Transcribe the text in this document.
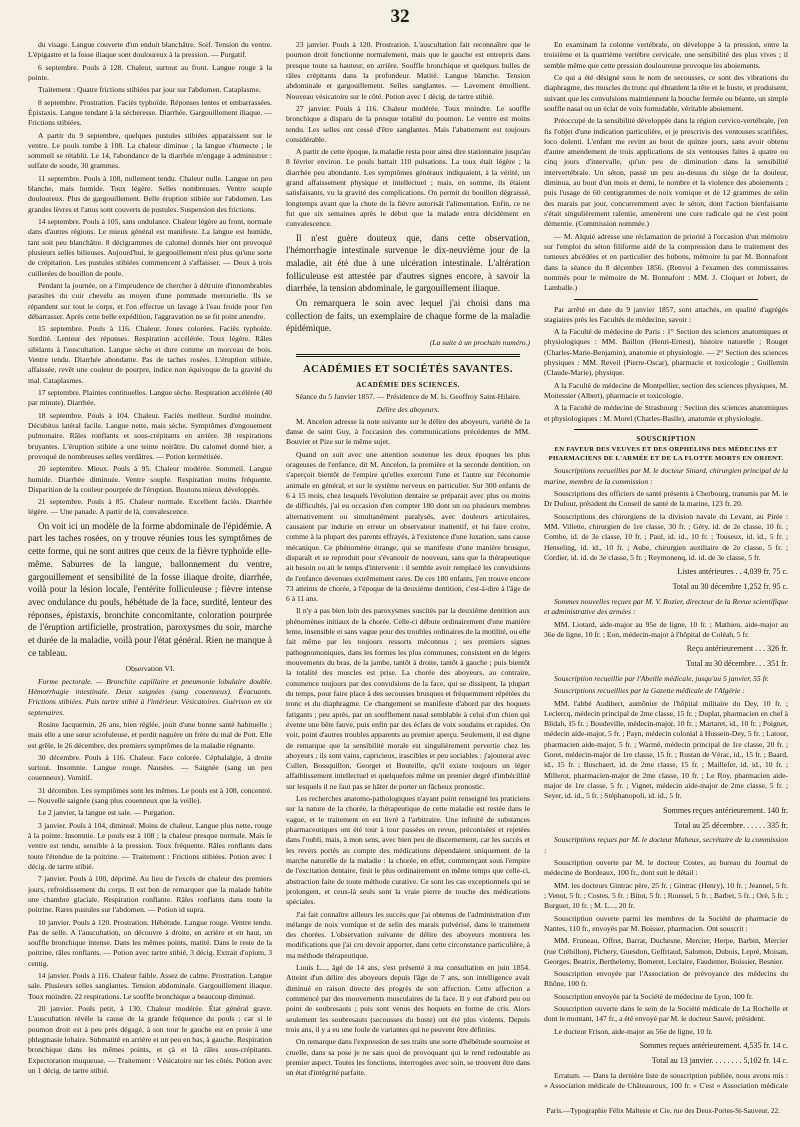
32

du visage. Langue couverte d'un enduit blanchâtre. Soif. Tension du ventre. L'épigastre et la fosse iliaque sont douloureux à la pression. — Purgatif.

6 septembre. Pouls à 128. Chaleur, surtout au front. Langue rouge à la pointe.

Traitement : Quatre frictions stibiées par jour sur l'abdomen. Cataplasme.

8 septembre. Prostration. Faciès typhoïde. Réponses lentes et embarrassées. Épistaxis. Langue tendant à la sécheresse. Diarrhée. Gargouillement iliaque. — Frictions stibiées.

A partir du 9 septembre, quelques pustules stibiées apparaissent sur le ventre. Le pouls tombe à 108. La chaleur diminue ; la langue s'humecte ; le sommeil se rétablit. Le 14, l'abondance de la diarrhée m'engage à administrer : sulfate de soude, 30 grammes.

11 septembre. Pouls à 108, nullement tendu. Chaleur nulle. Langue un peu blanche, mais humide. Toux légère. Selles nombreuses. Ventre souple douloureux. Plus de gargouillement. Belle éruption stibiée sur l'abdomen. Les grandes lèvres et l'anus sont couverts de pustules. Suspension des frictions.

14 septembre. Pouls à 105, sans ondulance. Chaleur légère au front, normale dans d'autres régions. Le mieux général est manifeste. La langue est humide, tant soit peu blanchâtre. 8 décigrammes de calomel donnés hier ont provoqué plusieurs selles bilieuses. Aujourd'hui, le gargouillement n'est plus qu'une sorte de crépitation. Les pustules stibiées commencent à s'affaisser. — Deux à trois cuillerées de bouillon de poule.

Pendant la journée, on a l'imprudence de chercher à détruire d'innombrables parasites du cuir chevelu au moyen d'une pommade mercurielle. Ils se répandent sur tout le corps, et l'on effectue un lavage à l'eau froide pour l'en débarrasser. Après cette belle expédition, l'aggravation ne se fit point attendre.

15 septembre. Pouls à 116. Chaleur. Joues colorées. Faciès typhoïde. Surdité. Lenteur des réponses. Respiration accélérée. Toux légère. Râles sibilants à l'auscultation. Langue sèche et dure comme un morceau de bois. Ventre tendu. Diarrhée abondante. Pas de taches rosées. L'éruption stibiée, affaissée, revêt une couleur de pourpre, indice non équivoque de la gravité du mal. Cataplasmes.

17 septembre. Plaintes continuelles. Langue sèche. Respiration accélérée (40 par minute). Diarrhée.

18 septembre. Pouls à 104. Chaleur. Faciès meilleur. Surdité moindre. Décubitus latéral facile. Langue nette, mais sèche. Symptômes d'engouement pulmonaire. Râles ronflants et sous-crépitants en arrière. 38 respirations bruyantes. L'éruption stibiée a une teinte noirâtre. Du calomel donné hier, a provoqué de nombreuses selles verdâtres. — Potion kermétisée.

20 septembre. Mieux. Pouls à 95. Chaleur modérée. Sommeil. Langue humide. Diarrhée diminuée. Ventre souple. Respiration moins fréquente. Disparition de la couleur pourprée de l'éruption. Boutons mieux développés.

21 septembre. Pouls à 85. Chaleur normale. Excellent faciès. Diarrhée légère. — Une panade. A partir de là, convalescence.

On voit ici un modèle de la forme abdominale de l'épidémie. A part les taches rosées, on y trouve réunies tous les symptômes de cette forme, qui ne sont autres que ceux de la fièvre typhoïde elle-même. Saburres de la langue, ballonnement du ventre, gargouillement et sensibilité de la fosse iliaque droite, diarrhée, voilà pour la lésion locale, l'entérite folliculeuse ; fièvre intense avec ondulance du pouls, hébétude de la face, surdité, lenteur des réponses, épistaxis, bronchite concomitante, coloration pourprée de l'éruption artificielle, prostration, paroxysmes du soir, marche et durée de la maladie, voilà pour l'état général. Rien ne manque à ce tableau.

Observation VI.

Forme pectorale. — Bronchite capillaire et pneumonie lobulaire double. Hémorrhagie intestinale. Deux saignées (sang couenneux). Évacuants. Frictions stibiées. Puis tartre stibié à l'intérieur. Vésicatoires. Guérison en six septenaires.

Rosine Jacquemin, 26 ans, bien réglée, jouit d'une bonne santé habituelle ; mais elle a une sœur scrofuleuse, et perdit naguère un frère du mal de Pott. Elle est grêle, le 26 décembre, des premiers symptômes de la maladie régnante.

30 décembre. Pouls à 116. Chaleur. Face colorée. Céphalalgie, à droite surtout. Insomnie. Langue rouge. Nausées. — Saignée (sang un peu couenneux). Vomitif.

31 décembre. Les symptômes sont les mêmes. Le pouls est à 108, concentré. — Nouvelle saignée (sang plus couenneux que la veille).

Le 2 janvier, la langue est sale. — Purgation.

3 janvier. Pouls à 104, diminué. Moins de chaleur. Langue plus nette, rouge à la pointe. Insomnie. Le pouls est à 108 ; la chaleur presque normale. Mais le ventre est tendu, sensible à la pression. Toux fréquente. Râles ronflants dans toute l'étendue de la poitrine. — Traitement : Frictions stibiées. Potion avec 1 décig. de tartre stibié.

7 janvier. Pouls à 100, déprimé. Au lieu de l'excès de chaleur des premiers jours, refroidissement du corps. Il est bon de remarquer que la malade habite une chambre glaciale. Respiration ronflante. Râles ronflants dans toute la poitrine. Rares pustules sur l'abdomen. — Potion id supra.

10 janvier. Pouls à 120. Prostration. Hébétude. Langue rouge. Ventre tendu. Pas de selle. A l'auscultation, on découvre à droite, en arrière et en haut, un souffle bronchique intense. Dans les mêmes points, matité. Dans le reste de la poitrine, râles ronflants. — Potion avec tartre stibié, 3 décig. Extrait d'opium, 3 centig.

14 janvier. Pouls à 116. Chaleur faible. Assez de calme. Prostration. Langue sale. Plusieurs selles sanglantes. Tension abdominale. Gargouillement iliaque. Toux moindre. 22 respirations. Le souffle bronchique a beaucoup diminué.

20 janvier. Pouls petit, à 130. Chaleur modérée. État général grave. L'auscultation révèle la cause de la grande fréquence du pouls ; car si le poumon droit est à peu près dégagé, à son tour le gauche est en proie à une phlegmasie lobaire. Submatité en arrière et un peu en bas, à gauche. Respiration bronchique dans les mêmes points, et çà et là râles sous-crépitants. Expectoration muqueuse. — Traitement : Vésicatoire sur les côtés. Potion avec un 1 décig. de tartre stibié.

23 janvier. Pouls à 120. Prostration. L'auscultation fait reconnaître que le poumon droit fonctionne normalement, mais que le gauche est entrepris dans presque toute sa hauteur, en arrière. Souffle bronchique et quelques bulles de râles crépitants dans la profondeur. Matité. Langue blanche. Tension abdominale et gargouillement. Selles sanglantes. — Lavement émollient. Nouveau vésicatoire sur le côté. Potion avec 1 décig. de tartre stibié.

27 janvier. Pouls à 116. Chaleur modérée. Toux moindre. Le souffle bronchique a disparu de la presque totalité du poumon. Le ventre est moins tendu. Les selles ont cessé d'être sanglantes. Mais l'abattement est toujours considérable.

A partir de cette époque, la maladie resta pour ainsi dire stationnaire jusqu'au 8 février environ. Le pouls battait 110 pulsations. La toux était légère ; la diarrhée peu abondante. Les symptômes généraux indiquaient, à la vérité, un grand affaissement physique et intellectuel ; mais, en somme, ils étaient satisfaisants, vu la gravité des complications. On permit du bouillon dégraissé, longtemps avant que la chute de la fièvre autorisât l'alimentation. Enfin, ce ne fut que six semaines après le début que la malade entra décidément en convalescence.

Il n'est guère douteux que, dans cette observation, l'hémorrhagie intestinale survenue le dix-neuvième jour de la maladie, ait été due à une ulcération intestinale. L'altération folliculeuse est attestée par d'autres signes encore, à savoir la diarrhée, la tension abdominale, le gargouillement iliaque.

On remarquera le soin avec lequel j'ai choisi dans ma collection de faits, un exemplaire de chaque forme de la maladie épidémique.

(La suite à un prochain numéro.)
ACADÉMIES ET SOCIÉTÉS SAVANTES.
ACADÉMIE DES SCIENCES.
Séance du 5 Janvier 1857. — Présidence de M. Is. Geoffroy Saint-Hilaire.
Délire des aboyeurs.

M. Ancelon adresse la note suivante sur le délire des aboyeurs, variété de la danse de saint Guy, à l'occasion des communications précédentes de MM. Bouvier et Pize sur le même sujet.

Quand on suit avec une attention soutenue les deux époques les plus orageuses de l'enfance, dit M. Ancelon, la première et la seconde dentition, on s'aperçoit bientôt de l'empire qu'elles exercent l'une et l'autre sur l'économie animale en général, et sur le système nerveux en particulier. Sur 300 enfants de 6 à 15 mois, chez lesquels l'évolution dentaire se préparait avec plus ou moins de difficultés, j'ai eu occasion d'en compter 180 dont un ou plusieurs membres alternativement ou simultanément paralysés, avec douleurs articulaires, causaient par indurie en erreur un observateur inattentif, et lui faire croire, comme à la plupart des parents effrayés, à l'existence d'une luxation, sans cause mécanique. Ce phénomène étrange, qui se manifeste d'une manière brusque, disparaît et se reproduit pour s'évanouir de nouveau, sans que la thérapeutique ait besoin ou ait le temps d'intervenir : il semble avoir remplacé les convulsions de l'enfance devenues extrêmement rares. De ces 180 enfants, j'en trouve encore 73 atteints de chorée, à l'époque de la deuxième dentition, c'est-à-dire à l'âge de 6 à 11 ans.

Il n'y a pas bien loin des paroxysmes suscités par la deuxième dentition aux phénomènes initiaux de la chorée. Celle-ci débute ordinairement d'une manière lente, insensible et sans vague pour des troubles ordinaires de la motilité, ou elle fait même par les toujours ressorts méconnus ; ses premiers signes pathognomoniques, dans les formes les plus communes, consistent en de légers mouvements du bras, de la jambe, tantôt à droite, tantôt à gauche ; puis bientôt la totalité des muscles est prise. La chorée des aboyeurs, au contraire, commence toujours par des convulsions de la face, qui se dissipent, la plupart du temps, pour faire place à des secousses brusques et fréquemment répétées du tronc et du diaphragme. Ce changement se manifeste d'abord par des hoquets fatigants ; peu après, par un soufflement nasal semblable à celui d'un chien qui évente une bête fauve, puis enfin par des éclats de voix soudains et rapides. On voit, point d'autres troubles apparents au premier aperçu. Seulement, il est digne de remarque que la sensibilité morale est singulièrement pervertie chez les aboyeurs ; ils sont vains, capricieux, irascibles et peu sociables : j'ajouterai avec Cullen, Bossquillon, Georget et Bouteille, qu'il existe toujours un léger affaiblissement intellectuel et quelquefois même un premier degré d'imbécillité sur lesquels il ne faut pas se hâter de porter un fâcheux pronostic.

Les recherches anatomo-pathologiques n'ayant point renseigné les praticiens sur la nature de la chorée, la thérapeutique de cette maladie est restée dans le vague, et le traitement en est livré à l'arbitraire. Une infinité de substances pharmaceutiques ont été tour à tour passées en revue, préconisées et rejetées dans l'oubli, mais, à mon sens, avec bien peu de discernement, car les succès et les revers portés au compte des médications dépendaient uniquement de la marche naturelle de la maladie : la chorée, en effet, commençant sous l'empire de l'excitation dentaire, finit le plus ordinairement en même temps que celle-ci, abstraction faite de toute méthode curative. Ce sont les cas exceptionnels qui se prolongent, et ceux-là seuls sont la vraie pierre de touche des médications spéciales.

J'ai fait connaître ailleurs les succès que j'ai obtenus de l'administration d'un mélange de noix vomique et de selin des marais pulvérisé, dans le traitement des chorées. L'observation suivante de délire des aboyeurs montrera les modifications que j'ai cru devoir apporter, dans cette circonstance particulière, à ma méthode thérapeutique.

Louis L..., âgé de 14 ans, s'est présenté à ma consultation en juin 1854. Atteint d'un délire des aboyeurs depuis l'âge de 7 ans, son intelligence avait diminué en raison directe des progrès de son affection. Cette affection a commencé par des mouvements musculaires de la face. Il y eut d'abord peu ou point de soubresauts ; puis sont venus des hoquets en forme de cris. Alors seulement les soubresauts (secousses du buste) ont été plus violents. Depuis trois ans, il y a eu une foule de variantes qui ne peuvent être définies.

On remarque dans l'expression de ses traits une sorte d'hébétude sournoise et cruelle, dans sa pose je ne sais quoi de provoquant qui le rend redoutable au premier aspect. Toutes les fonctions, interrogées avec soin, se trouvent être dans un état d'intégrité parfaite.

En examinant la colonne vertébrale, on développe à la pression, entre la troisième et la quatrième vertèbre cervicale, une sensibilité des plus vives ; il semble même que cette pression douloureuse provoque les aboiements.

Ce qui a été désigné sous le nom de secousses, ce sont des vibrations du diaphragme, des muscles du tronc qui ébranlent la tête et le buste, et produisent, suivant que les convulsions maintiennent la bouche fermée ou béante, un simple souffle nasal ou un éclat de voix formidable, véritable aboiement.

Préoccupé de la sensibilité développée dans la région cervico-vertébrale, j'en fis l'objet d'une indication particulière, et je prescrivis des ventouses scarifiées, loco dolenti. L'enfant me revint au bout de quinze jours, sans avoir obtenu d'autre amendement de trois applications de six ventouses faites à quatre ou cinq jours d'intervalle, qu'un peu de diminution dans la sensibilité intervertébrale. Un séton, passé un peu au-dessus du siège de la douleur, diminua, au bout d'un mois et demi, le nombre et la violence des aboiements ; puis l'usage de 60 centigrammes de noix vomique et de 12 grammes de selin des marais par jour, concurremment avec le séton, dont l'action bienfaisante s'était singulièrement ralentie, amenèrent une cure radicale qui ne s'est point démentie. (Commission nommée.)

— M. Alquié adresse une réclamation de priorité à l'occasion d'un mémoire sur l'emploi du séton filiforme aidé de la compression dans le traitement des tumeurs abcédées et en particulier des bubons, mémoire lu par M. Bonnafont dans la séance du 8 décembre 1856. (Renvoi à l'examen des commissaires nommés pour le mémoire de M. Bonnafont : MM. J. Cloquet et Jobert, de Lamballe.)

Par arrêté en date du 9 janvier 1857, sont attachés, en qualité d'agrégés stagiaires près les Facultés de médecine, savoir :

A la Faculté de médecine de Paris : 1° Section des sciences anatomiques et physiologiques : MM. Baillon (Henri-Ernest), histoire naturelle ; Rouget (Charles-Marie-Benjamin), anatomie et physiologie. — 2° Section des sciences physiques : MM. Reveil (Pierre-Oscar), pharmacie et toxicologie ; Guillemin (Claude-Marie), physique.

A la Faculté de médecine de Montpellier, section des sciences physiques, M. Moitessier (Albert), pharmacie et toxicologie.

A la Faculté de médecine de Strasbourg : Section des sciences anatomiques et physiologiques : M. Morel (Charles-Basile), anatomie et physiologie.

SOUSCRIPTION
EN FAVEUR DES VEUVES ET DES ORPHELINS DES MÉDECINS ET PHARMACIENS DE L'ARMÉE ET DE LA FLOTTE MORTS EN ORIENT.

Souscriptions recueillies par M. le docteur Sinard, chirurgien principal de la marine, membre de la commission :

Souscriptions des officiers de santé présents à Cherbourg, transmis par M. le Dr Dufour, président du Conseil de santé de la marine, 123 fr. 20.

Souscriptions des chirurgiens de la division navale du Levant, au Pirée : MM. Villette, chirurgien de 1re classe, 30 fr. ; Géry, id. de 2e classe, 10 fr. ; Combe, id. de 3e classe, 10 fr. ; Paul, id. id., 10 fr. ; Touseux, id. id., 5 fr. ; Henseling, id. id., 10 fr. ; Aube, chirurgien auxiliaire de 2e classe, 5 fr. ; Cordier, id. id. de 3e classe, 5 fr. ; Reymonenq, id. id. de 3e classe, 5 fr.

Listes antérieures . . 4,039 fr. 75 c.
Total au 30 décembre 1,252 fr. 95 c.

Sommes nouvelles reçues par M. V. Rozier, directeur de la Revue scientifique et administrative des armées :

MM. Liotard, aide-major au 95e de ligne, 10 fr. ; Mathieu, aide-major au 36e de ligne, 10 fr. ; Eon, médecin-major à l'hôpital de Coléah, 5 fr.

Reçu antérieurement . . . 326 fr.
Total au 30 décembre. . . 351 fr.

Souscription recueillie par l'Abeille médicale, jusqu'au 5 janvier, 55 fr.

Souscriptions recueillies par la Gazette médicale de l'Algérie :

MM. l'abbé Audibert, aumônier de l'hôpital militaire du Dey, 10 fr. ; Leclercq, médecin principal de 2me classe, 15 fr. ; Duplat, pharmacien en chef à Blidah, 15 fr. ; Boudeville, médecin-major, 10 fr. ; Martaret, id., 10 fr. ; Poignet, médecin aide-major, 5 fr. ; Payn, médecin colonial à Hussein-Dey, 5 fr. ; Latour, pharmacien aide-major, 5 fr. ; Warmé, médecin principal de 1re classe, 20 fr. ; Goret, médecin-major de 1re classe, 15 fr. ; Rustan de Vérac, id., 15 fr. ; Baard, id., 15 fr. ; Buschaert, id. de 2me classe, 15 fr. ; Maillefer, id. id., 10 fr. ; Millerot, pharmacien-major de 2me classe, 10 fr. ; Le Roy, pharmacien aide-major de 1re classe, 5 fr. ; Vignet, médecin aide-major de 2me classe, 5 fr. ; Seyer, id. id., 5 fr. ; Stéphanopoli, id. id., 5 fr.

Sommes reçues antérieurement. 140 fr.
Total au 25 décembre. . . . . . 335 fr.

Souscriptions reçues par M. le docteur Maheux, secrétaire de la commission :

Souscription ouverte par M. le docteur Costes, au bureau du Journal de médecine de Bordeaux, 100 fr., dont suit le détail :

MM. les docteurs Gintrac père, 25 fr. ; Gintrac (Henry), 10 fr. ; Jeannel, 5 fr. ; Venot, 5 fr. ; Costes, 5 fr. ; Bitot, 5 fr. ; Roussel, 5 fr. ; Barbet, 5 fr. ; Orè, 5 fr. ; Burguet, 10 fr. ; M. L..., 20 fr.

Souscription ouverte parmi les membres de la Société de pharmacie de Nantes, 110 fr., envoyés par M. Boisser, pharmacien. Ont souscrit :

MM. Fruneau, Offret, Barrat, Duchesne, Mercier, Herpe, Barbin, Mercier (rue Crébillon), Pichery, Guesdon, Geffriaud, Salomon, Dubois, Lepré, Moisan, Georges, Beatrix, Berthelemy, Bomeret, Leclaire, Faudemer, Boissier, Besnier.

Souscription envoyée par l'Association de prévoyance des médecins du Rhône, 100 fr.

Souscription envoyée par la Société de médecine de Lyon, 100 fr.

Souscription ouverte dans le sein de la Société médicale de La Rochelle et dont le montant, 147 fr., a été envoyé par M. le docteur Sauvé, président.

Le docteur Frison, aide-major au 56e de ligne, 10 fr.

Sommes reçues antérieurement. 4,535 fr. 14 c.
Total au 13 janvier. . . . . . . . 5,102 fr. 14 c.

Erratum. — Dans la dernière liste de souscription publiée, nous avons mis : « Association médicale de Châteauroux, 100 fr. » C'est « Association médicale

Paris.—Typographie Félix Malteste et Cie, rue des Deux-Portes-St-Sauveur, 22.
